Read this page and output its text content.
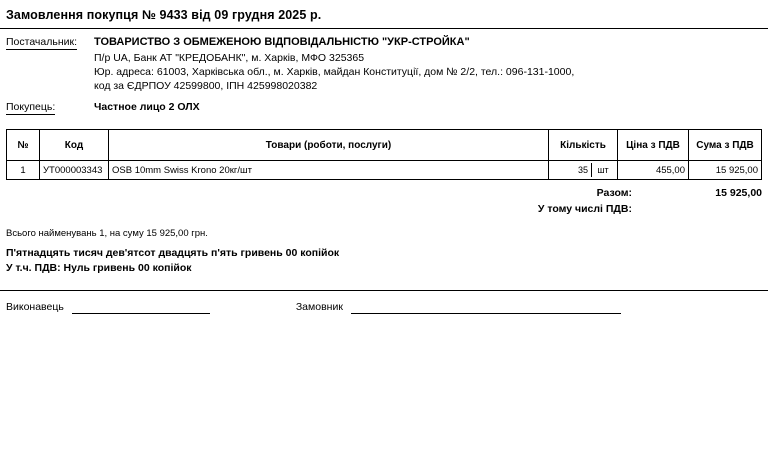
Замовлення покупця № 9433 від 09 грудня 2025 р.
Постачальник:	ТОВАРИСТВО З ОБМЕЖЕНОЮ ВІДПОВІДАЛЬНІСТЮ "УКР-СТРОЙКА"
П/р UA, Банк АТ "КРЕДОБАНК", м. Харків, МФО 325365
Юр. адреса: 61003, Харківська обл., м. Харків, майдан Конституції, дом № 2/2, тел.: 096-131-1000,
код за ЄДРПОУ 42599800, ІПН 425998020382
Покупець:	Частное лицо 2 ОЛХ
№	Код	Товари (роботи, послуги)	Кількість	Ціна з ПДВ	Сума з ПДВ
1	УТ000003343	OSB 10mm Swiss Krono 20кг/шт	35 шт	455,00	15 925,00
Разом:	15 925,00
У тому числі ПДВ:
Всього найменувань 1, на суму 15 925,00 грн.
П'ятнадцять тисяч дев'ятсот двадцять п'ять гривень 00 копійок
У т.ч. ПДВ: Нуль гривень 00 копійок
Виконавець	Замовник
